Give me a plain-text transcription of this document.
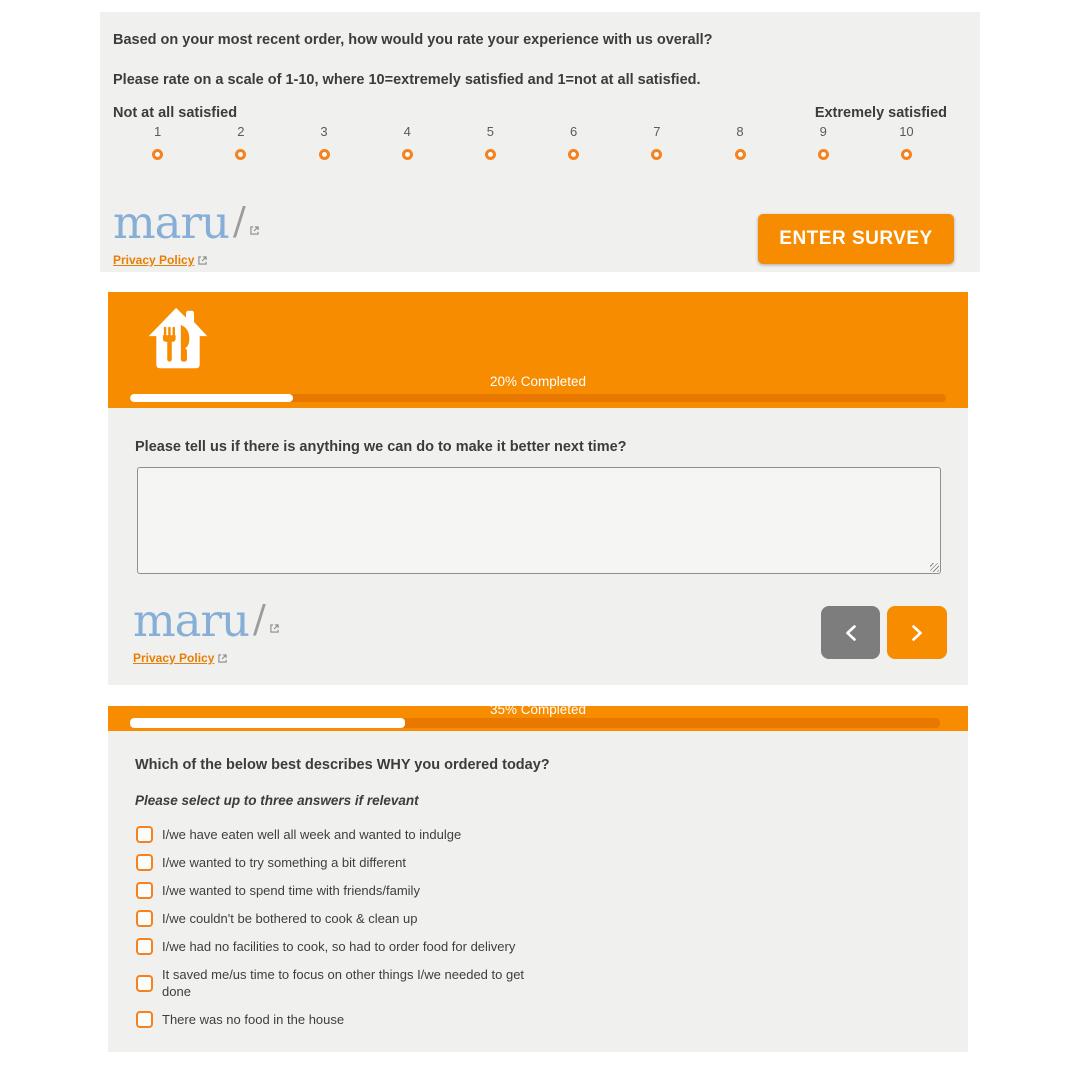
Based on your most recent order, how would you rate your experience with us overall?
Please rate on a scale of 1-10, where 10=extremely satisfied and 1=not at all satisfied.
Not at all satisfied	Extremely satisfied
1	2	3	4	5	6	7	8	9	10
maru /
Privacy Policy
ENTER SURVEY
20% Completed
Please tell us if there is anything we can do to make it better next time?
maru /
Privacy Policy
35% Completed
Which of the below best describes WHY you ordered today?
Please select up to three answers if relevant
I/we have eaten well all week and wanted to indulge
I/we wanted to try something a bit different
I/we wanted to spend time with friends/family
I/we couldn't be bothered to cook & clean up
I/we had no facilities to cook, so had to order food for delivery
It saved me/us time to focus on other things I/we needed to get done
There was no food in the house
